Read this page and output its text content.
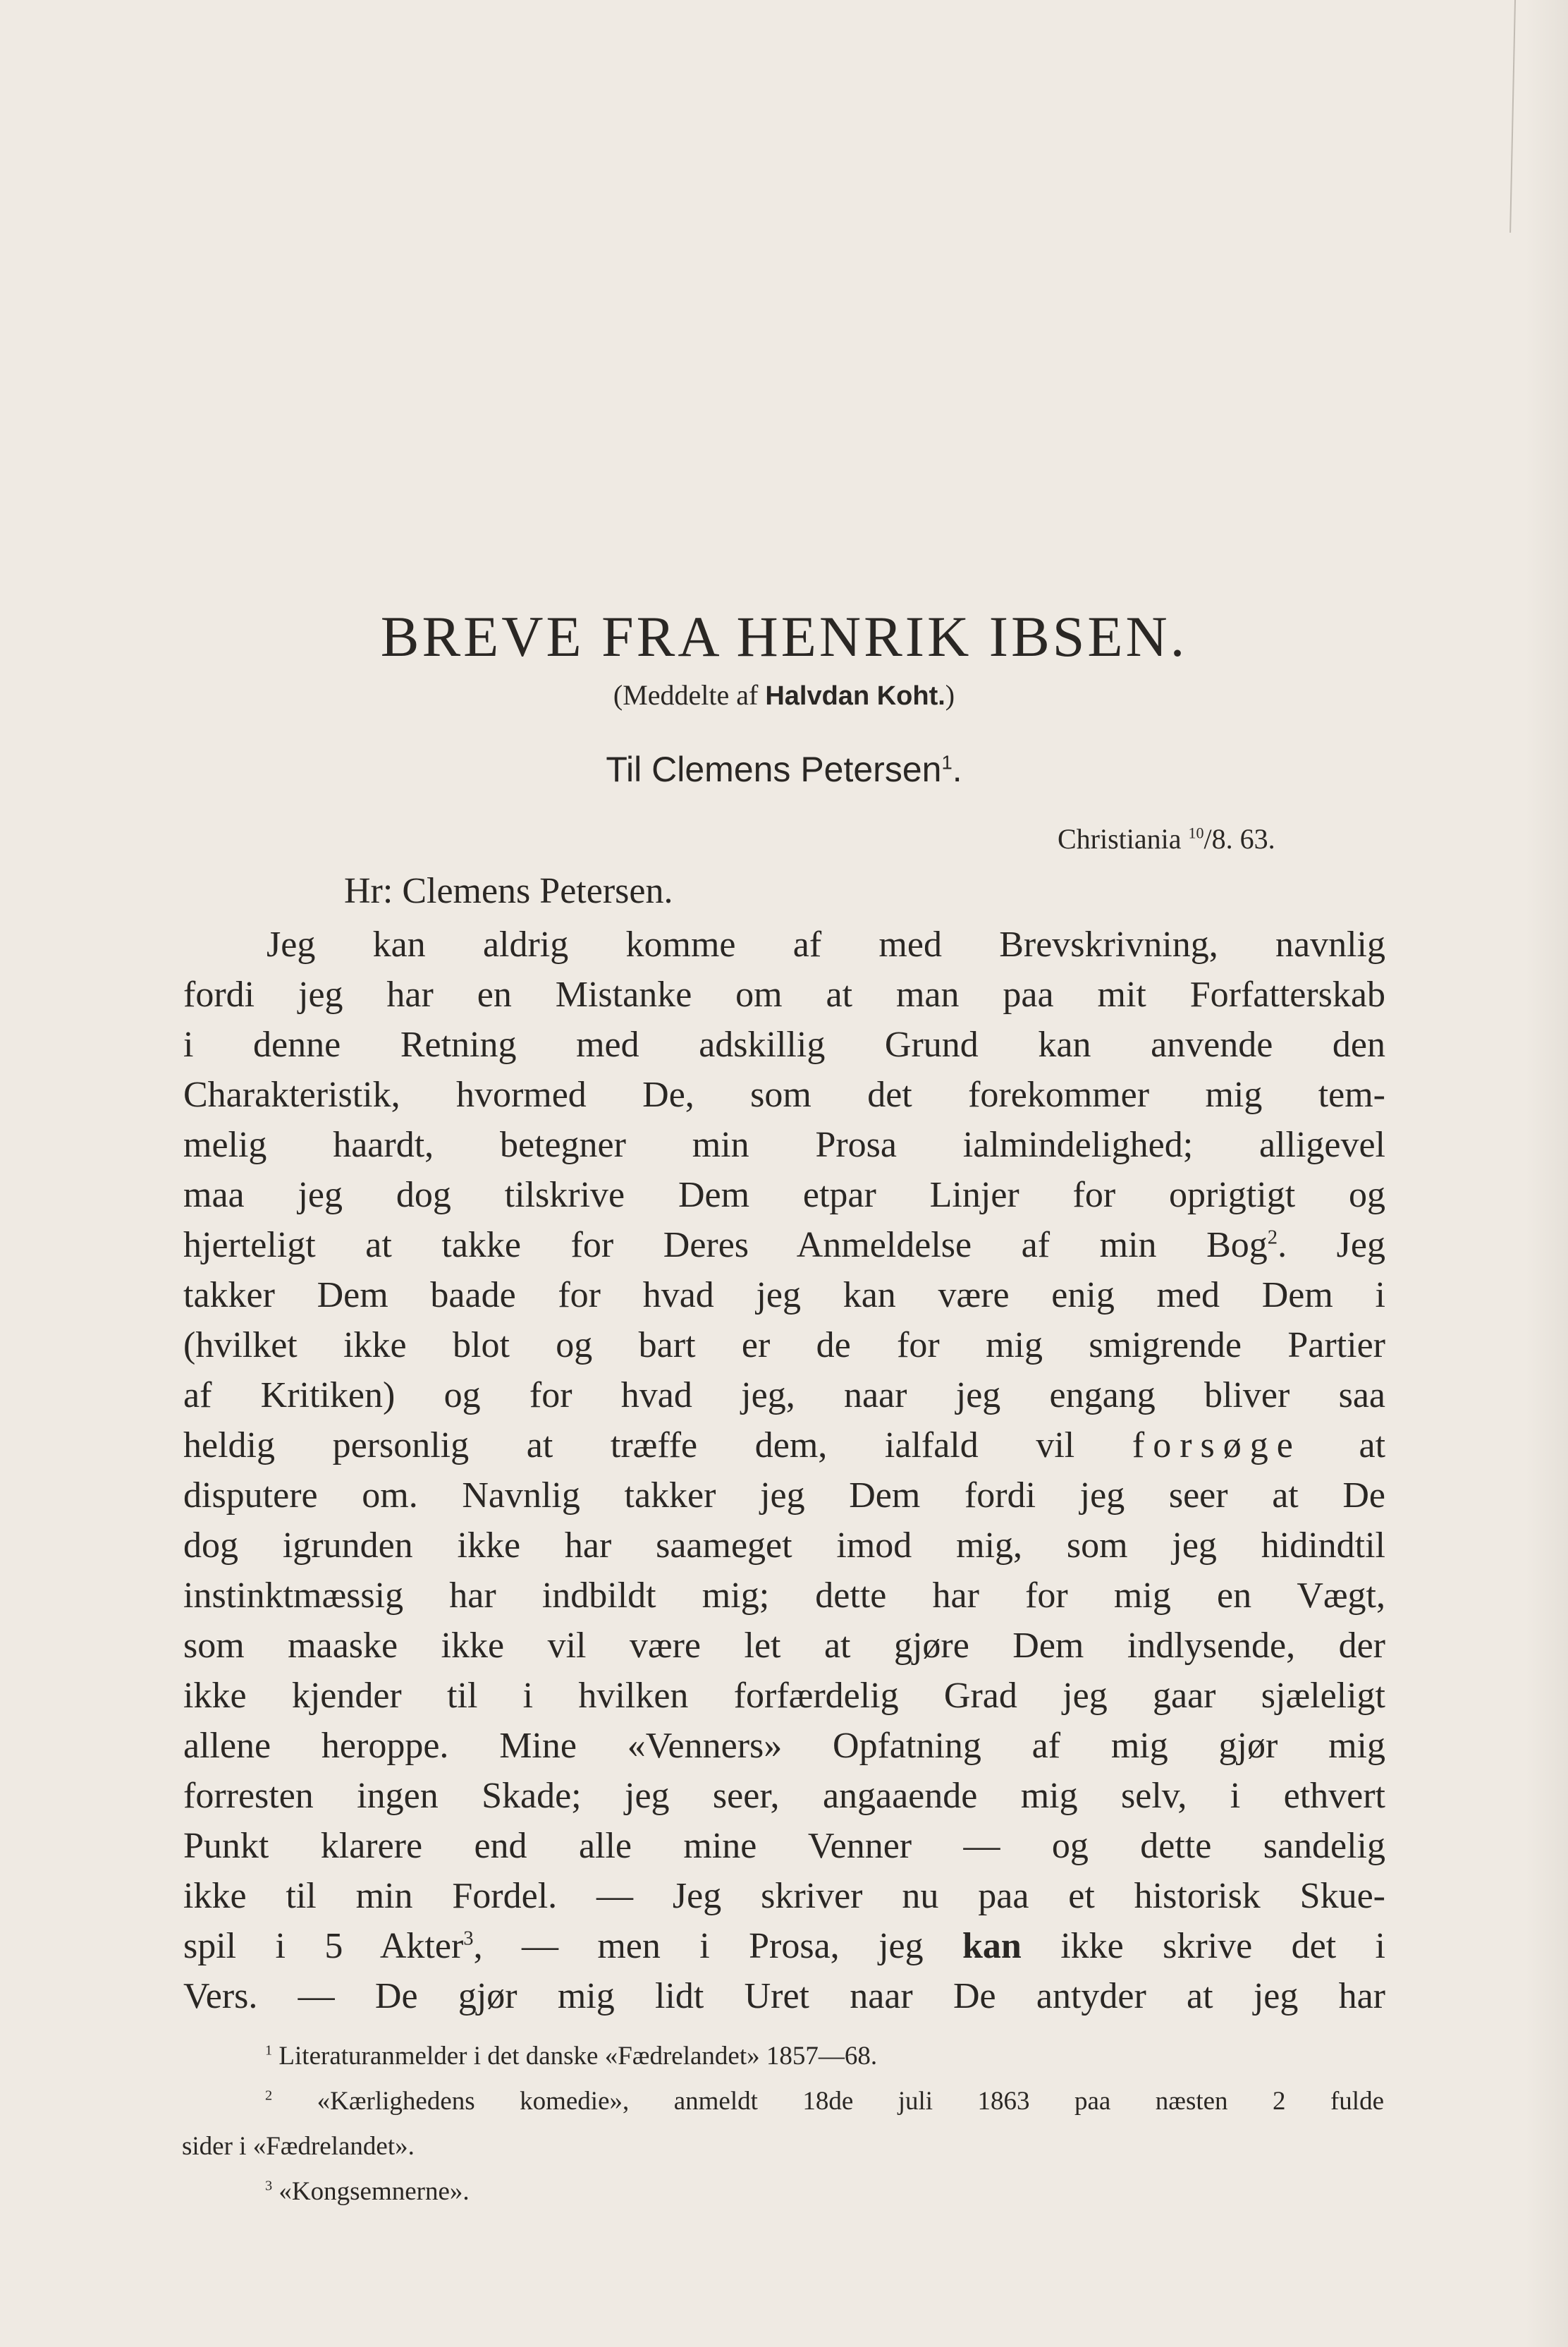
BREVE FRA HENRIK IBSEN.
(Meddelte af Halvdan Koht.)
Til Clemens Petersen$^1$.
Christiania $^{10}$/8. 63.
Hr: Clemens Petersen.
Jeg kan aldrig komme af med Brevskrivning, navnlig
fordi jeg har en Mistanke om at man paa mit Forfatterskab
i denne Retning med adskillig Grund kan anvende den
Charakteristik, hvormed De, som det forekommer mig tem-
melig haardt, betegner min Prosa ialmindelighed; alligevel
maa jeg dog tilskrive Dem etpar Linjer for oprigtigt og
hjerteligt at takke for Deres Anmeldelse af min Bog$^2$. Jeg
takker Dem baade for hvad jeg kan være enig med Dem i
(hvilket ikke blot og bart er de for mig smigrende Partier
af Kritiken) og for hvad jeg, naar jeg engang bliver saa
heldig personlig at træffe dem, ialfald vil forsøge at
disputere om. Navnlig takker jeg Dem fordi jeg seer at De
dog igrunden ikke har saameget imod mig, som jeg hidindtil
instinktmæssig har indbildt mig; dette har for mig en Vægt,
som maaske ikke vil være let at gjøre Dem indlysende, der
ikke kjender til i hvilken forfærdelig Grad jeg gaar sjæleligt
allene heroppe. Mine «Venners» Opfatning af mig gjør mig
forresten ingen Skade; jeg seer, angaaende mig selv, i ethvert
Punkt klarere end alle mine Venner — og dette sandelig
ikke til min Fordel. — Jeg skriver nu paa et historisk Skue-
spil i 5 Akter$^3$, — men i Prosa, jeg kan ikke skrive det i
Vers. — De gjør mig lidt Uret naar De antyder at jeg har
$^1$ Literaturanmelder i det danske «Fædrelandet» 1857—68.
$^2$ «Kærlighedens komedie», anmeldt 18de juli 1863 paa næsten 2 fulde
sider i «Fædrelandet».
$^3$ «Kongsemnerne».
